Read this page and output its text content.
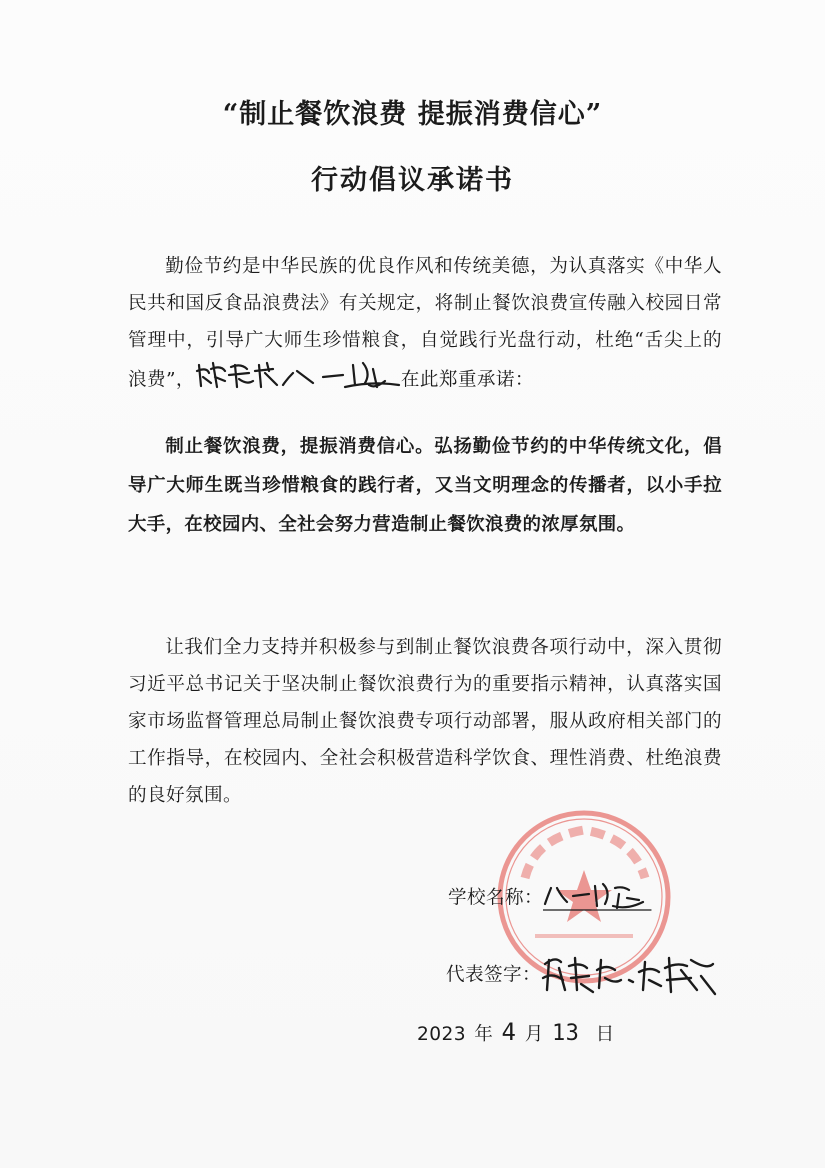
“制止餐饮浪费 提振消费信心”
行动倡议承诺书
勤俭节约是中华民族的优良作风和传统美德，为认真落实《中华人民共和国反食品浪费法》有关规定，将制止餐饮浪费宣传融入校园日常管理中，引导广大师生珍惜粮食，自觉践行光盘行动，杜绝“舌尖上的浪费”，	在此郑重承诺：
制止餐饮浪费，提振消费信心。弘扬勤俭节约的中华传统文化，倡导广大师生既当珍惜粮食的践行者，又当文明理念的传播者，以小手拉大手，在校园内、全社会努力营造制止餐饮浪费的浓厚氛围。
让我们全力支持并积极参与到制止餐饮浪费各项行动中，深入贯彻习近平总书记关于坚决制止餐饮浪费行为的重要指示精神，认真落实国家市场监督管理总局制止餐饮浪费专项行动部署，服从政府相关部门的工作指导，在校园内、全社会积极营造科学饮食、理性消费、杜绝浪费的良好氛围。
学校名称：
代表签字：
2023 年 4 月 13 日
